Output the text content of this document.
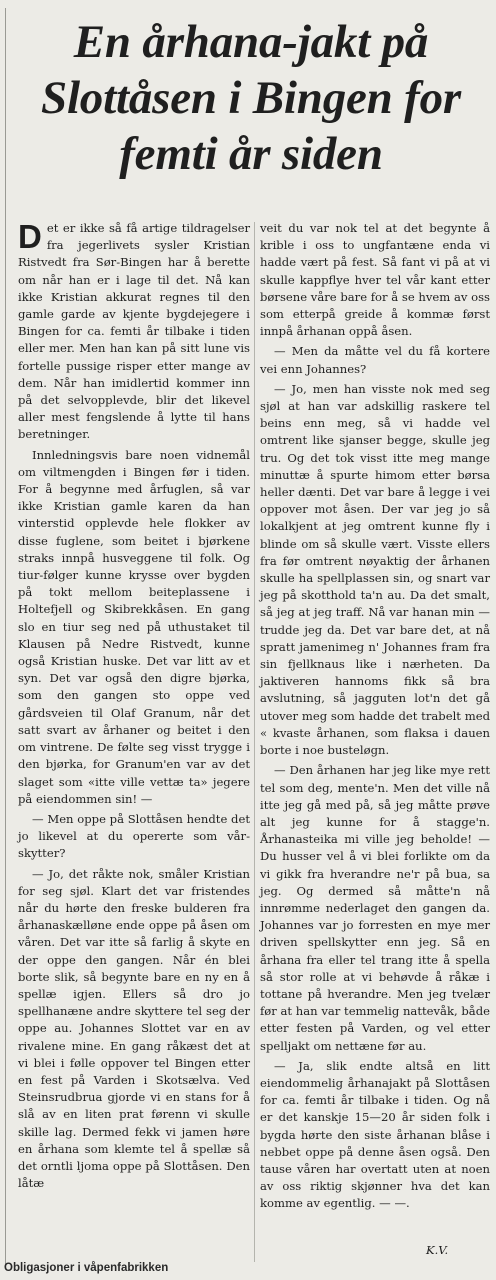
En århana-jakt på Slottåsen i Bingen for femti år siden

Det er ikke så få artige tildragelser fra jegerlivets sysler Kristian Ristvedt fra Sør-Bingen har å berette om når han er i lage til det. Nå kan ikke Kristian akkurat regnes til den gamle garde av kjente bygdejegere i Bingen for ca. femti år tilbake i tiden eller mer. Men han kan på sitt lune vis fortelle pussige risper etter mange av dem. Når han imidlertid kommer inn på det selvopplevde, blir det likevel aller mest fengslende å lytte til hans beretninger.

Innledningsvis bare noen vidnemål om viltmengden i Bingen før i tiden. For å begynne med årfuglen, så var ikke Kristian gamle karen da han vinterstid opplevde hele flokker av disse fuglene, som beitet i bjørkene straks innpå husveggene til folk. Og tiur-følger kunne krysse over bygden på tokt mellom beiteplassene i Holtefjell og Skibrekkåsen. En gang slo en tiur seg ned på uthustaket til Klausen på Nedre Ristvedt, kunne også Kristian huske. Det var litt av et syn. Det var også den digre bjørka, som den gangen sto oppe ved gårdsveien til Olaf Granum, når det satt svart av århaner og beitet i den om vintrene. De følte seg visst trygge i den bjørka, for Granum'en var av det slaget som «itte ville vettæ ta» jegere på eiendommen sin! —

— Men oppe på Slottåsen hendte det jo likevel at du opererte som vår-skytter?

— Jo, det råkte nok, småler Kristian for seg sjøl. Klart det var fristendes når du hørte den freske bulderen fra århanaskælløne ende oppe på åsen om våren. Det var itte så farlig å skyte en der oppe den gangen. Når én blei borte slik, så begynte bare en ny en å spellæ igjen. Ellers så dro jo spellhanæne andre skyttere tel seg der oppe au. Johannes Slottet var en av rivalene mine. En gang råkæst det at vi blei i følle oppover tel Bingen etter en fest på Varden i Skotsælva. Ved Steinsrudbrua gjorde vi en stans for å slå av en liten prat førenn vi skulle skille lag. Dermed fekk vi jamen høre en århana som klemte tel å spellæ så det orntli ljoma oppe på Slottåsen. Den låtæ

veit du var nok tel at det begynte å krible i oss to ungfantæne enda vi hadde vært på fest. Så fant vi på at vi skulle kappflye hver tel vår kant etter børsene våre bare for å se hvem av oss som etterpå greide å kommæ først innpå århanan oppå åsen.

— Men da måtte vel du få kortere vei enn Johannes?

— Jo, men han visste nok med seg sjøl at han var adskillig raskere tel beins enn meg, så vi hadde vel omtrent like sjanser begge, skulle jeg tru. Og det tok visst itte meg mange minuttæ å spurte himom etter børsa heller dænti. Det var bare å legge i vei oppover mot åsen. Der var jeg jo så lokalkjent at jeg omtrent kunne fly i blinde om så skulle vært. Visste ellers fra før omtrent nøyaktig der århanen skulle ha spellplassen sin, og snart var jeg på skotthold ta'n au. Da det smalt, så jeg at jeg traff. Nå var hanan min — trudde jeg da. Det var bare det, at nå spratt jamenimeg n' Johannes fram fra sin fjellknaus like i nærheten. Da jaktiveren hannoms fikk så bra avslutning, så jagguten lot'n det gå utover meg som hadde det trabelt med « kvaste århanen, som flaksa i dauen borte i noe busteløgn.

— Den århanen har jeg like mye rett tel som deg, mente'n. Men det ville nå itte jeg gå med på, så jeg måtte prøve alt jeg kunne for å stagge'n. Århanasteika mi ville jeg beholde! — Du husser vel å vi blei forlikte om da vi gikk fra hverandre ne'r på bua, sa jeg. Og dermed så måtte'n nå innrømme nederlaget den gangen da. Johannes var jo forresten en mye mer driven spellskytter enn jeg. Så en århana fra eller tel trang itte å spella så stor rolle at vi behøvde å råkæ i tottane på hverandre. Men jeg tvelær før at han var temmelig nattevåk, både etter festen på Varden, og vel etter spelljakt om nettæne før au.

— Ja, slik endte altså en litt eiendommelig århanajakt på Slottåsen for ca. femti år tilbake i tiden. Og nå er det kanskje 15—20 år siden folk i bygda hørte den siste århanan blåse i nebbet oppe på denne åsen også. Den tause våren har overtatt uten at noen av oss riktig skjønner hva det kan komme av egentlig. — —.

K.V.
Obligasjoner i våpenfabrikken
